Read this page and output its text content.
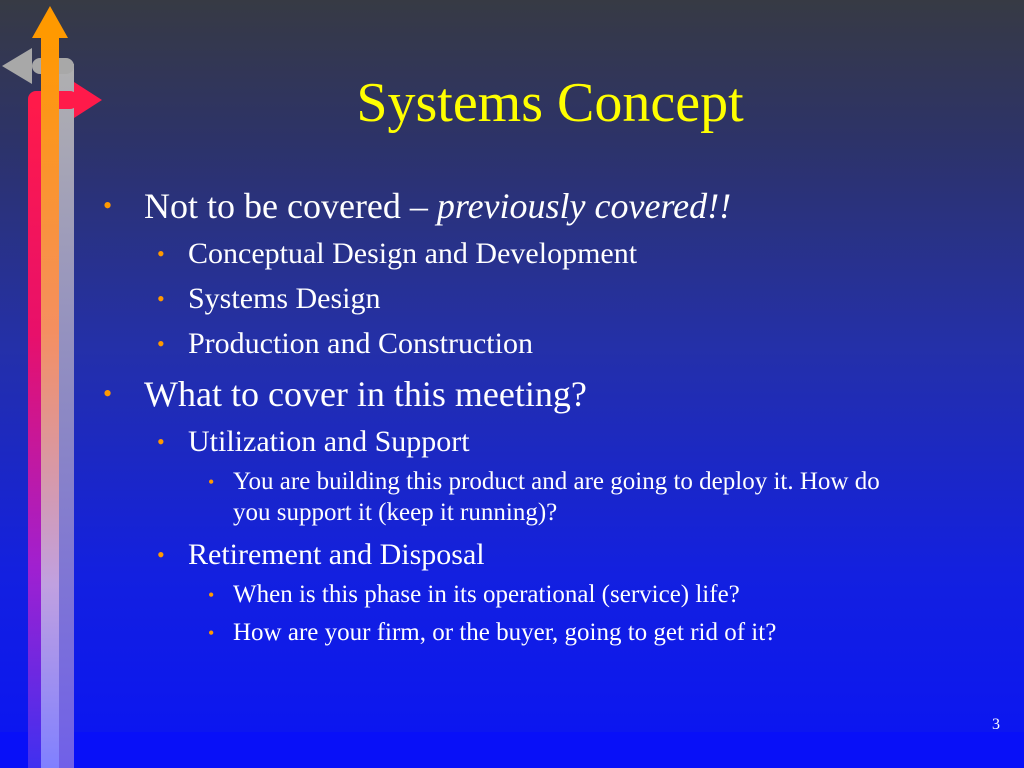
Systems Concept
• Not to be covered – previously covered!!
• Conceptual Design and Development
• Systems Design
• Production and Construction
• What to cover in this meeting?
• Utilization and Support
• You are building this product and are going to deploy it. How do
you support it (keep it running)?
• Retirement and Disposal
• When is this phase in its operational (service) life?
• How are your firm, or the buyer, going to get rid of it?
3
